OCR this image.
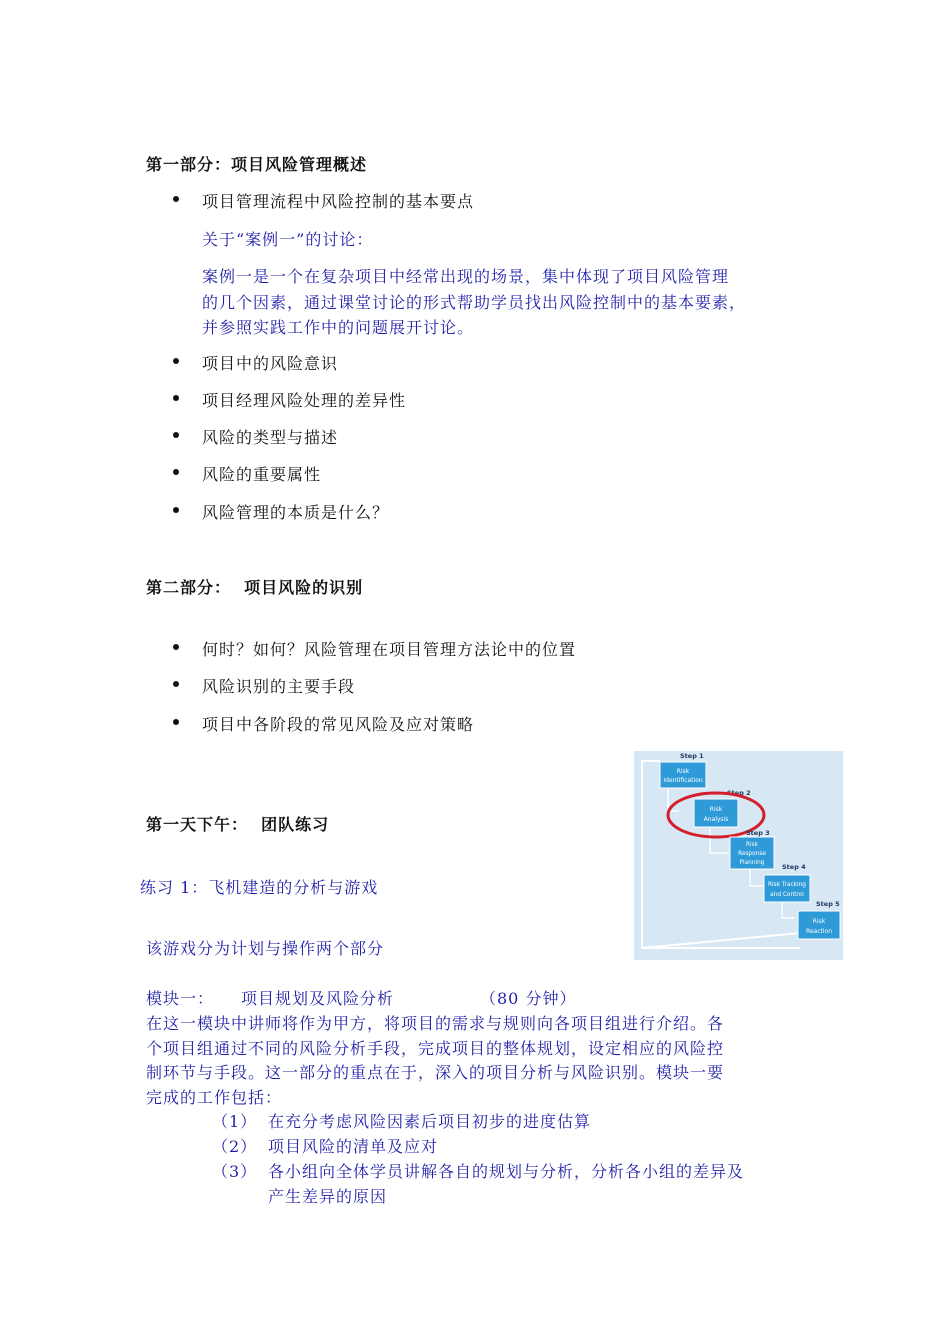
第一部分：项目风险管理概述
项目管理流程中风险控制的基本要点
关于“案例一”的讨论：
案例一是一个在复杂项目中经常出现的场景，集中体现了项目风险管理
的几个因素，通过课堂讨论的形式帮助学员找出风险控制中的基本要素，
并参照实践工作中的问题展开讨论。
项目中的风险意识
项目经理风险处理的差异性
风险的类型与描述
风险的重要属性
风险管理的本质是什么？
第二部分：  项目风险的识别
何时？如何？风险管理在项目管理方法论中的位置
风险识别的主要手段
项目中各阶段的常见风险及应对策略
Step 1
Risk
Identification
Step 2
Risk
Analysis
Step 3
Risk
Response
Planning	Step 4
Risk Tracking
and Control
Step 5
Risk
Reaction
第一天下午：  团队练习
练习 1：飞机建造的分析与游戏
该游戏分为计划与操作两个部分
模块一： 项目规划及风险分析	（80 分钟）
在这一模块中讲师将作为甲方，将项目的需求与规则向各项目组进行介绍。各
个项目组通过不同的风险分析手段，完成项目的整体规划，设定相应的风险控
制环节与手段。这一部分的重点在于，深入的项目分析与风险识别。模块一要
完成的工作包括：
（1） 在充分考虑风险因素后项目初步的进度估算
（2） 项目风险的清单及应对
（3） 各小组向全体学员讲解各自的规划与分析，分析各小组的差异及
产生差异的原因
